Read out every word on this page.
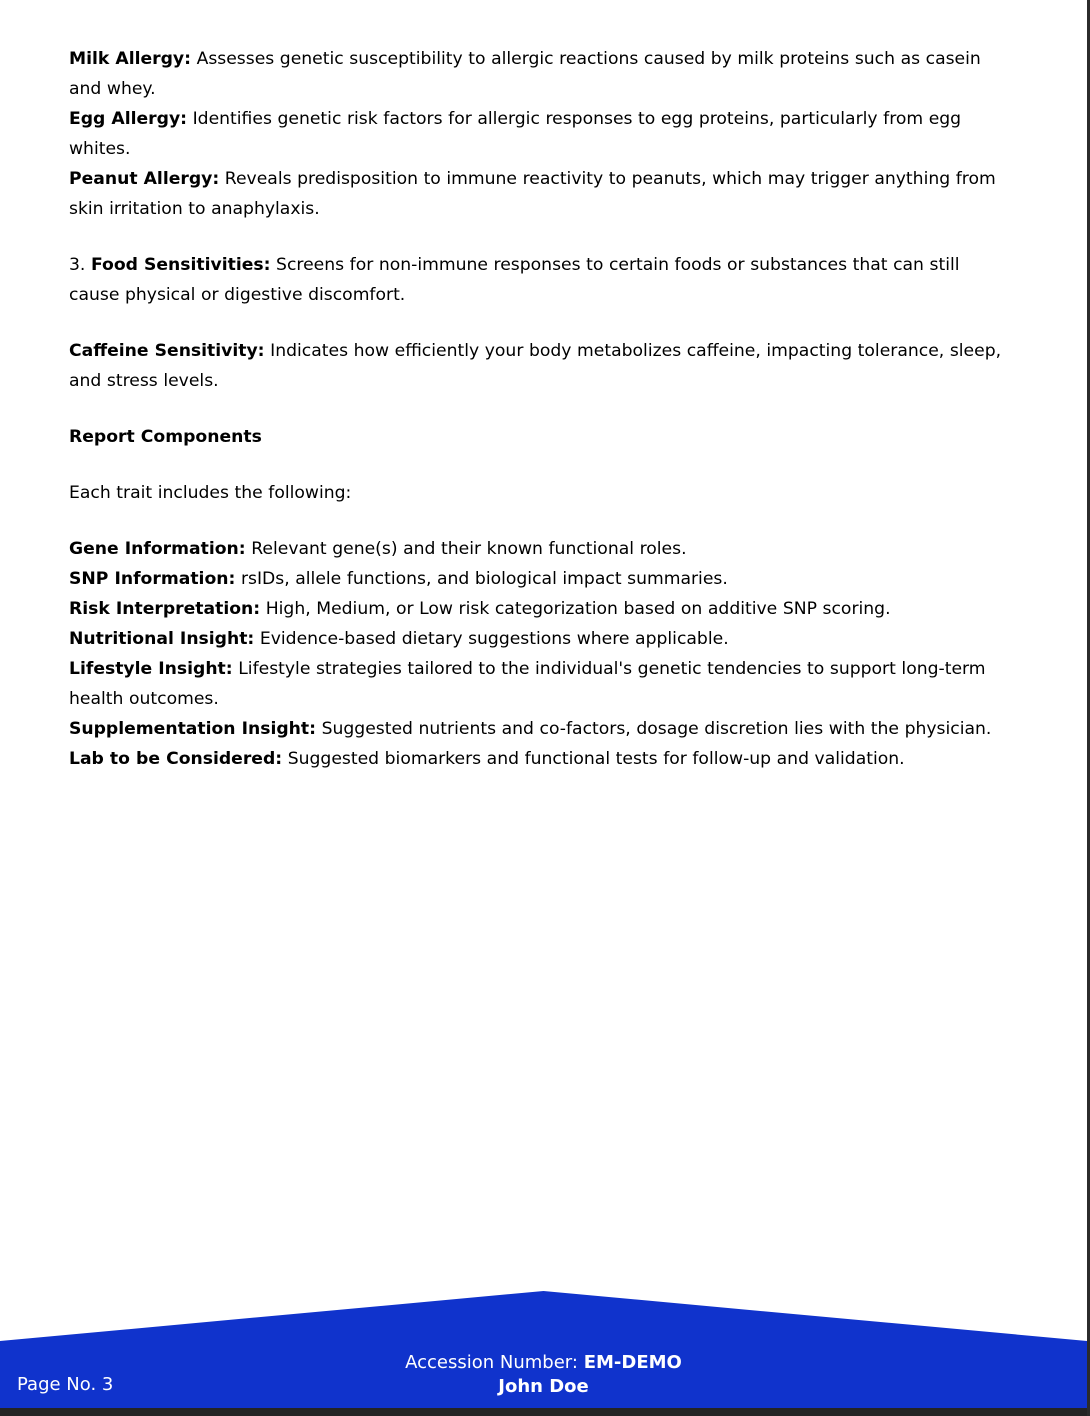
Milk Allergy: Assesses genetic susceptibility to allergic reactions caused by milk proteins such as casein and whey.

Egg Allergy: Identifies genetic risk factors for allergic responses to egg proteins, particularly from egg whites.

Peanut Allergy: Reveals predisposition to immune reactivity to peanuts, which may trigger anything from skin irritation to anaphylaxis.

3. Food Sensitivities: Screens for non-immune responses to certain foods or substances that can still cause physical or digestive discomfort.

Caffeine Sensitivity: Indicates how efficiently your body metabolizes caffeine, impacting tolerance, sleep, and stress levels.

Report Components

Each trait includes the following:

Gene Information: Relevant gene(s) and their known functional roles.

SNP Information: rsIDs, allele functions, and biological impact summaries.

Risk Interpretation: High, Medium, or Low risk categorization based on additive SNP scoring.

Nutritional Insight: Evidence-based dietary suggestions where applicable.

Lifestyle Insight: Lifestyle strategies tailored to the individual's genetic tendencies to support long-term health outcomes.

Supplementation Insight: Suggested nutrients and co-factors, dosage discretion lies with the physician.

Lab to be Considered: Suggested biomarkers and functional tests for follow-up and validation.

Accession Number: EM-DEMO
John Doe
Page No. 3
